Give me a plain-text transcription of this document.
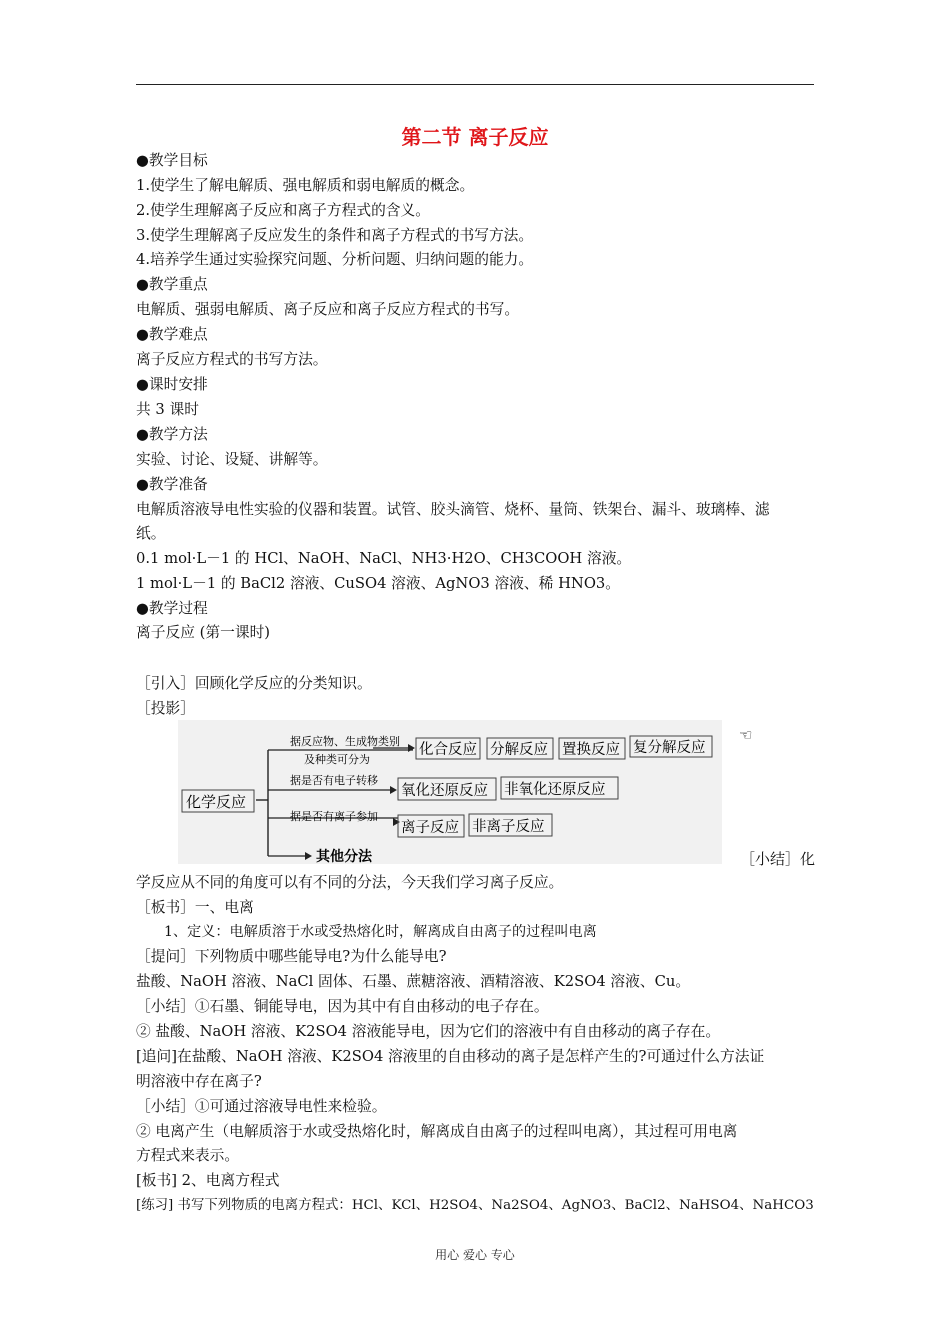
第二节 离子反应
●教学目标
1.使学生了解电解质、强电解质和弱电解质的概念。
2.使学生理解离子反应和离子方程式的含义。
3.使学生理解离子反应发生的条件和离子方程式的书写方法。
4.培养学生通过实验探究问题、分析问题、归纳问题的能力。
●教学重点
电解质、强弱电解质、离子反应和离子反应方程式的书写。
●教学难点
离子反应方程式的书写方法。
●课时安排
共 3 课时
●教学方法
实验、讨论、设疑、讲解等。
●教学准备
电解质溶液导电性实验的仪器和装置。试管、胶头滴管、烧杯、量筒、铁架台、漏斗、玻璃棒、滤
纸。
0.1 mol·L－1 的 HCl、NaOH、NaCl、NH3·H2O、CH3COOH 溶液。
1 mol·L－1 的 BaCl2 溶液、CuSO4 溶液、AgNO3 溶液、稀 HNO3。
●教学过程
离子反应 (第一课时)
［引入］回顾化学反应的分类知识。
［投影］
化学反应
据反应物、生成物类别
及种类可分为
据是否有电子转移
据是否有离子参加
化合反应 分解反应 置换反应 复分解反应
氧化还原反应 非氧化还原反应
离子反应 非离子反应
其他分法
☜
［小结］化
学反应从不同的角度可以有不同的分法，今天我们学习离子反应。
［板书］一、电离
1、定义：电解质溶于水或受热熔化时，解离成自由离子的过程叫电离
［提问］下列物质中哪些能导电?为什么能导电?
盐酸、NaOH 溶液、NaCl 固体、石墨、蔗糖溶液、酒精溶液、K2SO4 溶液、Cu。
［小结］①石墨、铜能导电，因为其中有自由移动的电子存在。
② 盐酸、NaOH 溶液、K2SO4 溶液能导电，因为它们的溶液中有自由移动的离子存在。
[追问]在盐酸、NaOH 溶液、K2SO4 溶液里的自由移动的离子是怎样产生的?可通过什么方法证
明溶液中存在离子?
［小结］①可通过溶液导电性来检验。
② 电离产生（电解质溶于水或受热熔化时，解离成自由离子的过程叫电离），其过程可用电离
方程式来表示。
[板书] 2、电离方程式
[练习] 书写下列物质的电离方程式：HCl、KCl、H2SO4、Na2SO4、AgNO3、BaCl2、NaHSO4、NaHCO3
用心 爱心 专心
